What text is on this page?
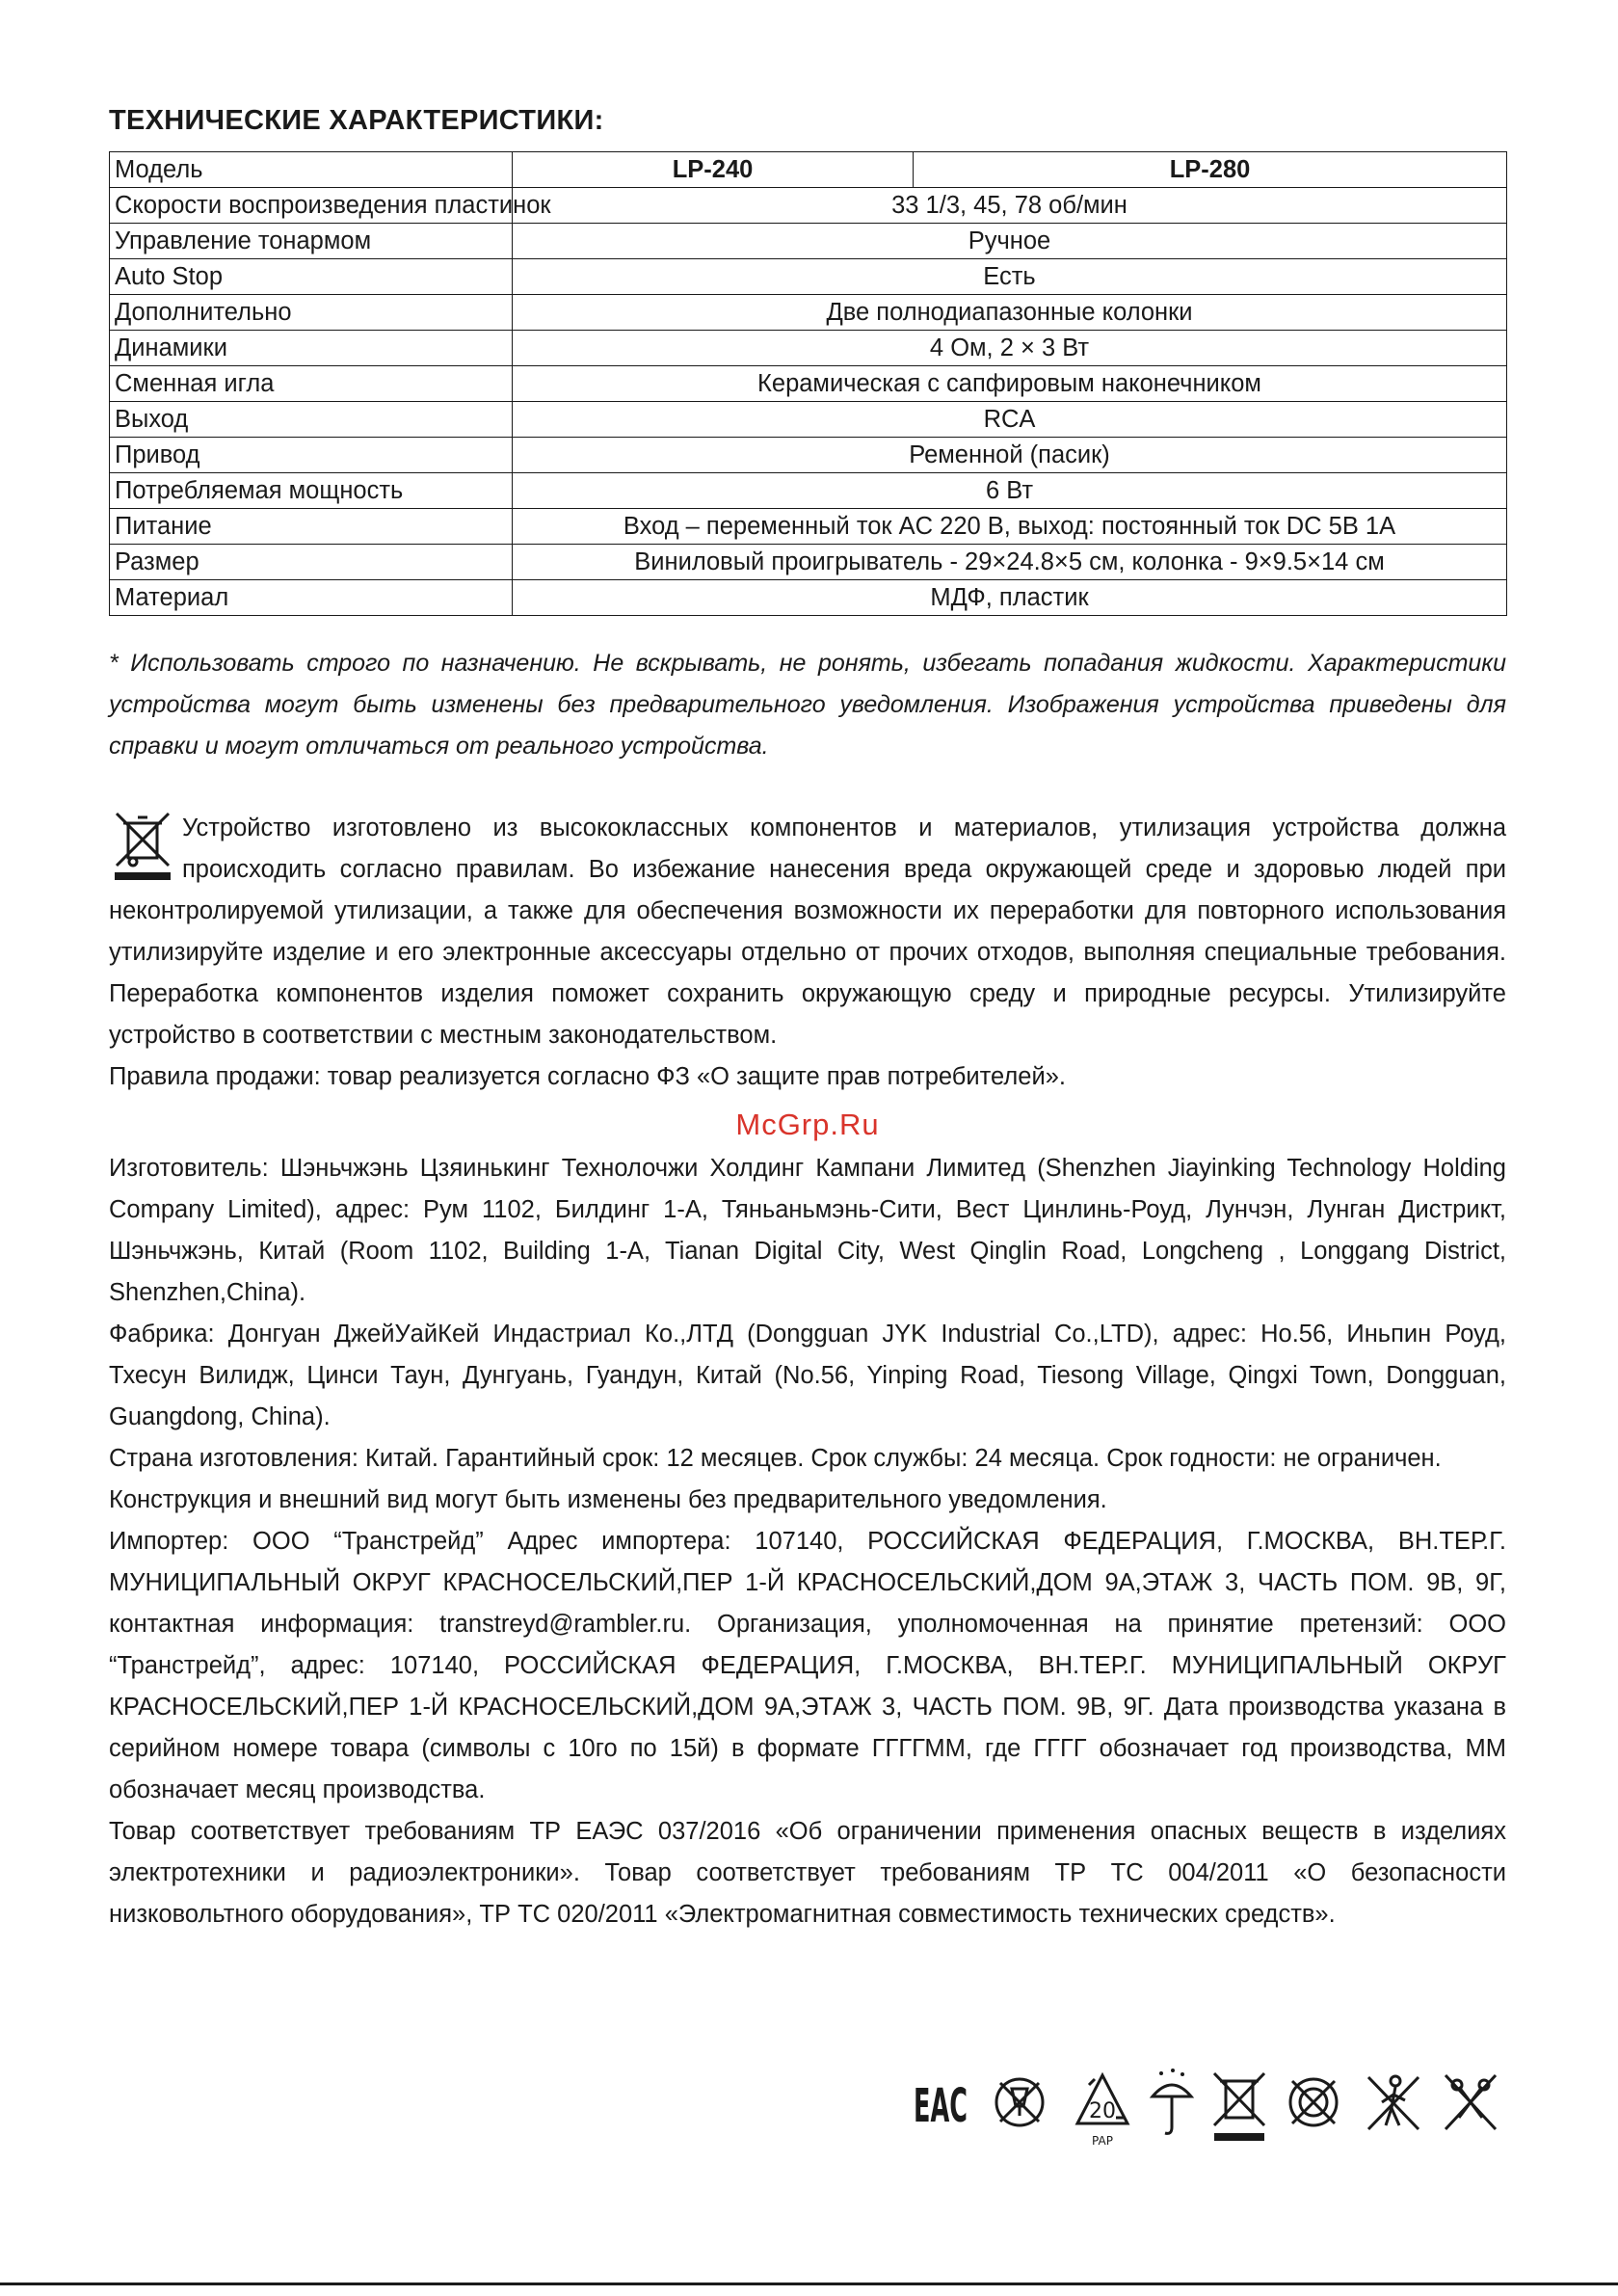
ТЕХНИЧЕСКИЕ ХАРАКТЕРИСТИКИ:
Модель	LP-240	LP-280
Скорости воспроизведения пластинок	33 1/3, 45, 78 об/мин	
Управление тонармом	Ручное	
Auto Stop	Есть	
Дополнительно	Две полнодиапазонные колонки	
Динамики	4 Ом, 2 × 3 Вт	
Сменная игла	Керамическая с сапфировым наконечником	
Выход	RCA	
Привод	Ременной (пасик)	
Потребляемая мощность	6 Вт	
Питание	Вход – переменный ток AC 220 В, выход: постоянный ток DC 5В 1А	
Размер	Виниловый проигрыватель - 29×24.8×5 см, колонка - 9×9.5×14 см	
Материал	МДФ, пластик	

* Использовать строго по назначению. Не вскрывать, не ронять, избегать попадания жидкости. Характеристики устройства могут быть изменены без предварительного уведомления. Изображения устройства приведены для справки и могут отличаться от реального устройства.

Устройство изготовлено из высококлассных компонентов и материалов, утилизация устройства должна происходить согласно правилам. Во избежание нанесения вреда окружающей среде и здоровью людей при неконтролируемой утилизации, а также для обеспечения возможности их переработки для повторного использования утилизируйте изделие и его электронные аксессуары отдельно от прочих отходов, выполняя специальные требования. Переработка компонентов изделия поможет сохранить окружающую среду и природные ресурсы. Утилизируйте устройство в соответствии с местным законодательством.

Правила продажи: товар реализуется согласно ФЗ «О защите прав потребителей».

McGrp.Ru

Изготовитель: Шэньчжэнь Цзяинькинг Технолочжи Холдинг Кампани Лимитед (Shenzhen Jiayinking Technology Holding Company Limited), адрес: Рум 1102, Билдинг 1-А, Тяньаньмэнь-Сити, Вест Цинлинь-Роуд, Лунчэн, Лунган Дистрикт, Шэньчжэнь, Китай (Room 1102, Building 1-A, Tianan Digital City, West Qinglin Road, Longcheng , Longgang District, Shenzhen,China).

Фабрика: Донгуан ДжейУайКей Индастриал Ко.,ЛТД (Dongguan JYK Industrial Co.,LTD), адрес: Но.56, Иньпин Роуд, Тхесун Вилидж, Цинси Таун, Дунгуань, Гуандун, Китай (No.56, Yinping Road, Tiesong Village, Qingxi Town, Dongguan, Guangdong, China).

Страна изготовления: Китай. Гарантийный срок: 12 месяцев. Срок службы: 24 месяца. Срок годности: не ограничен.

Конструкция и внешний вид могут быть изменены без предварительного уведомления.

Импортер: ООО “Транстрейд” Адрес импортера: 107140, РОССИЙСКАЯ ФЕДЕРАЦИЯ, Г.МОСКВА, ВН.ТЕР.Г. МУНИЦИПАЛЬНЫЙ ОКРУГ КРАСНОСЕЛЬСКИЙ,ПЕР 1-Й КРАСНОСЕЛЬСКИЙ,ДОМ 9А,ЭТАЖ 3, ЧАСТЬ ПОМ. 9В, 9Г, контактная информация: transtreyd@rambler.ru. Организация, уполномоченная на принятие претензий: ООО “Транстрейд”, адрес: 107140, РОССИЙСКАЯ ФЕДЕРАЦИЯ, Г.МОСКВА, ВН.ТЕР.Г. МУНИЦИПАЛЬНЫЙ ОКРУГ КРАСНОСЕЛЬСКИЙ,ПЕР 1-Й КРАСНОСЕЛЬСКИЙ,ДОМ 9А,ЭТАЖ 3, ЧАСТЬ ПОМ. 9В, 9Г. Дата производства указана в серийном номере товара (символы с 10го по 15й) в формате ГГГГММ, где ГГГГ обозначает год производства, ММ обозначает месяц производства.

Товар соответствует требованиям ТР ЕАЭС 037/2016 «Об ограничении применения опасных веществ в изделиях электротехники и радиоэлектроники». Товар соответствует требованиям ТР ТС 004/2011 «О безопасности низковольтного оборудования», ТР ТС 020/2011 «Электромагнитная совместимость технических средств».

EAC	20
PAP
